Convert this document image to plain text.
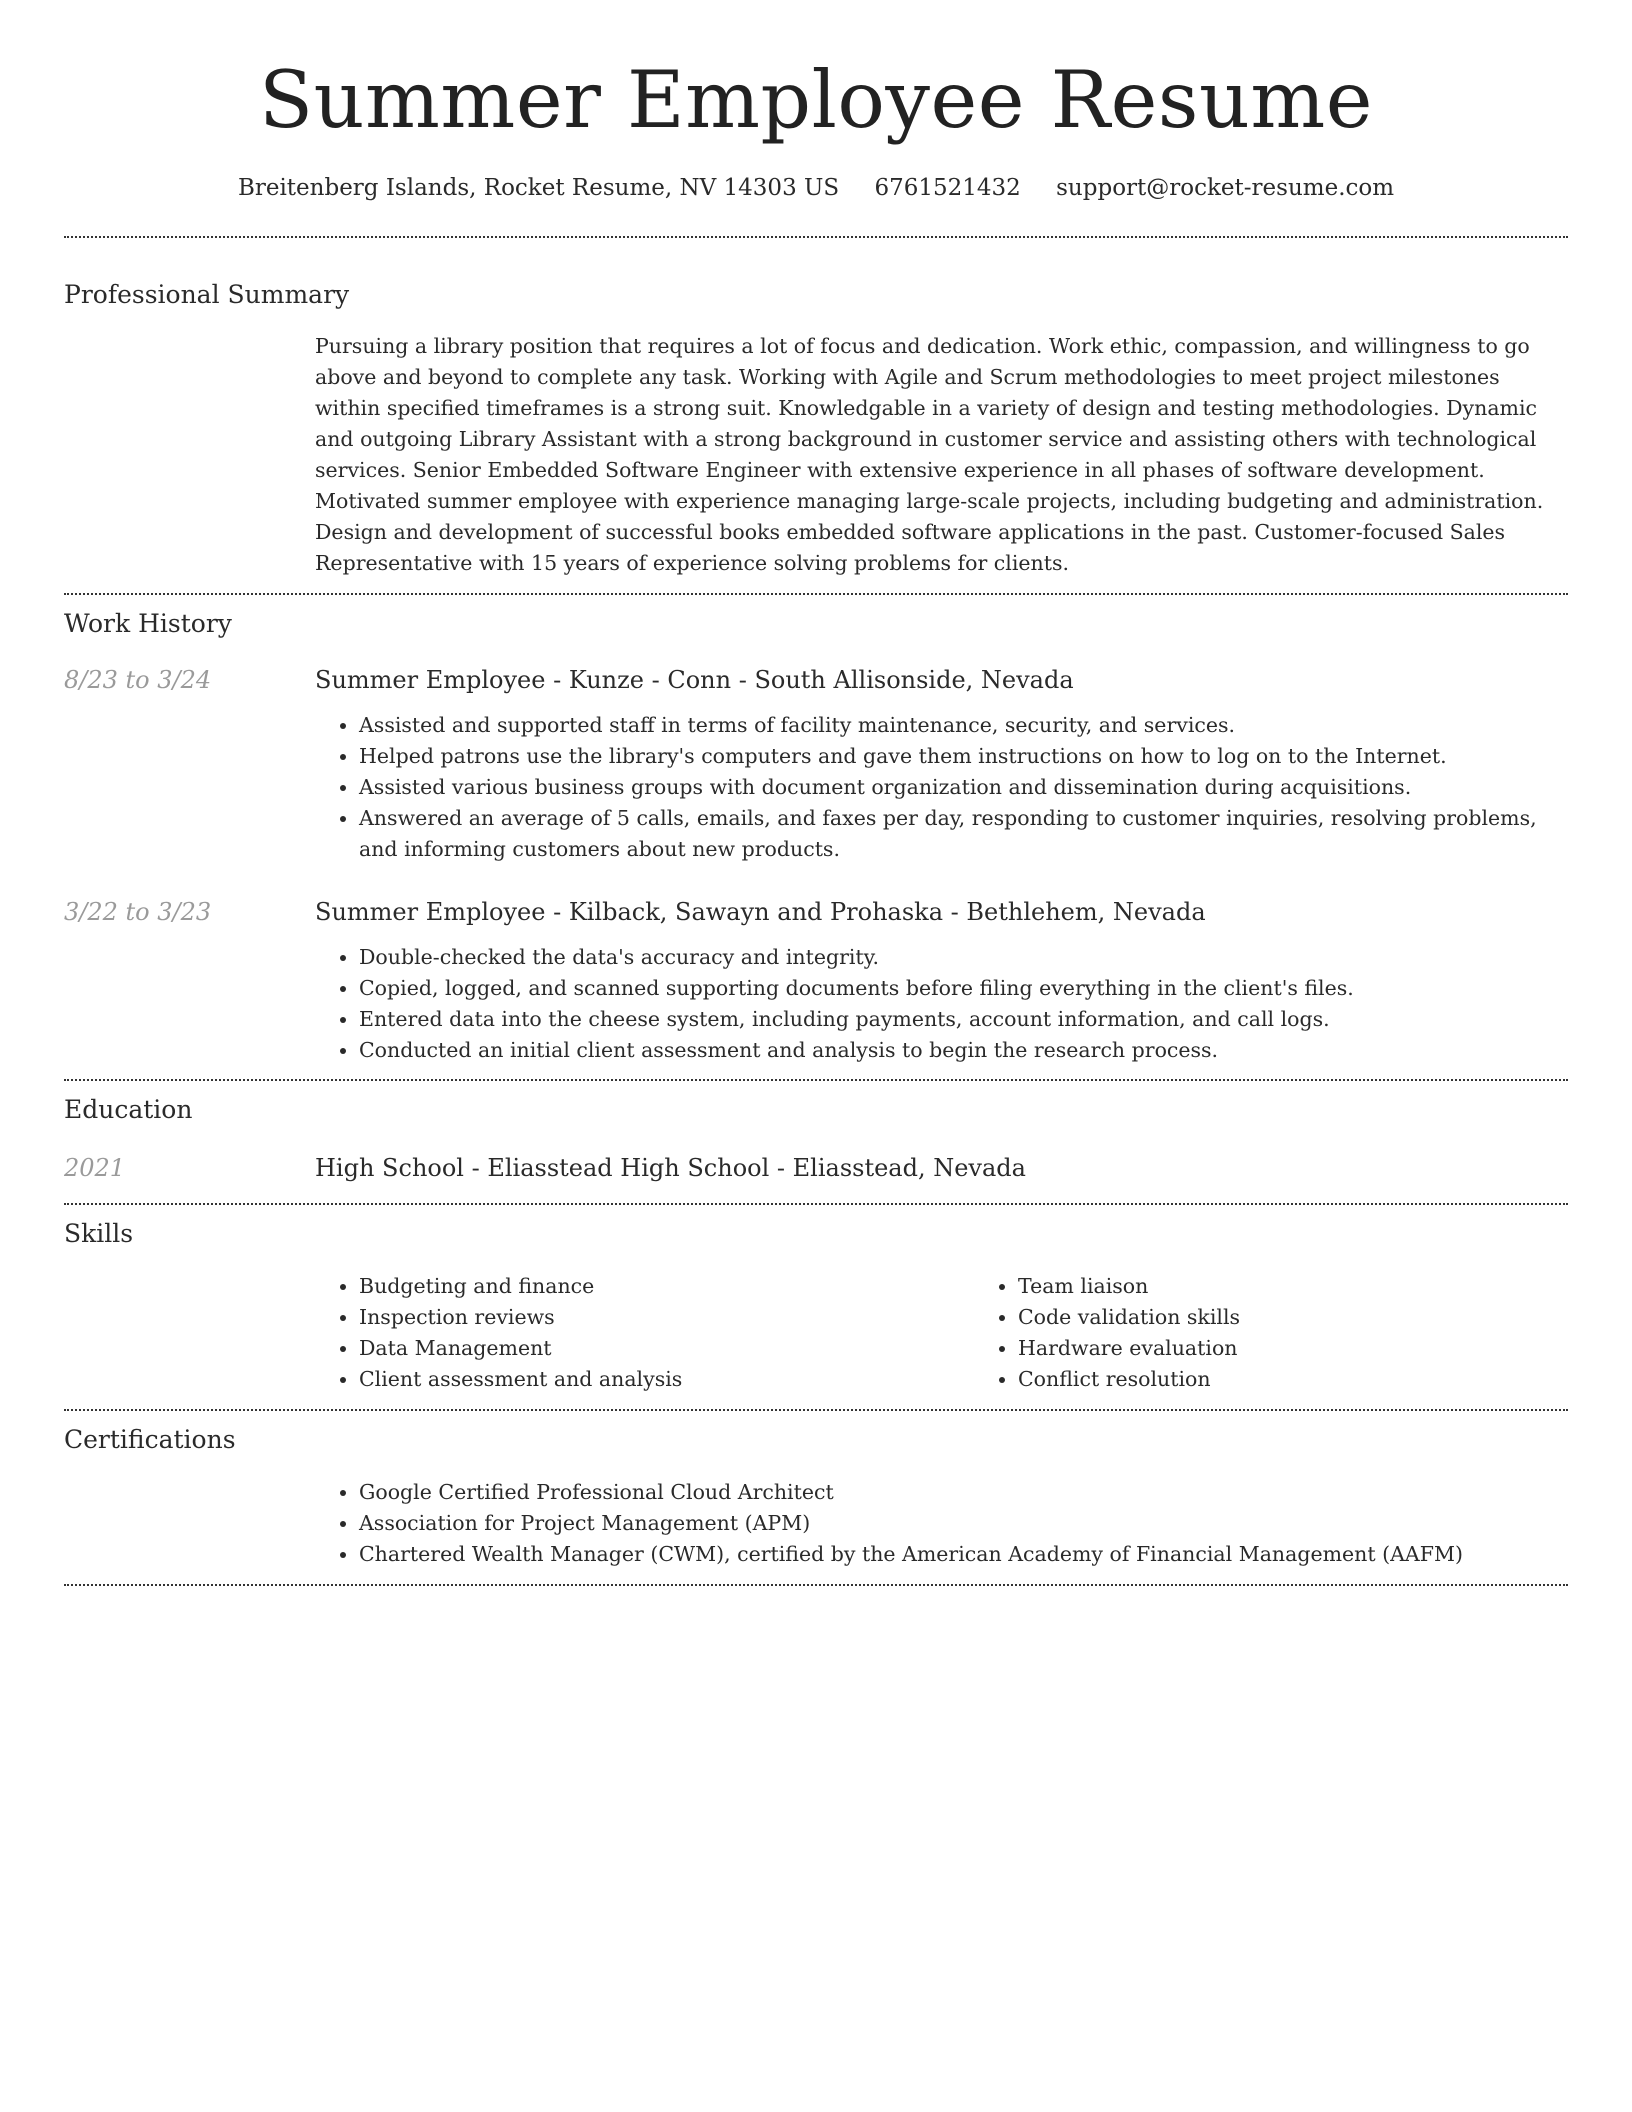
Summer Employee Resume
Breitenberg Islands, Rocket Resume, NV 14303 US 6761521432 support@rocket-resume.com
Professional Summary

Pursuing a library position that requires a lot of focus and dedication. Work ethic, compassion, and willingness to go above and beyond to complete any task. Working with Agile and Scrum methodologies to meet project milestones within specified timeframes is a strong suit. Knowledgable in a variety of design and testing methodologies. Dynamic and outgoing Library Assistant with a strong background in customer service and assisting others with technological services. Senior Embedded Software Engineer with extensive experience in all phases of software development. Motivated summer employee with experience managing large-scale projects, including budgeting and administration. Design and development of successful books embedded software applications in the past. Customer-focused Sales Representative with 15 years of experience solving problems for clients.

Work History
8/23 to 3/24	Summer Employee - Kunze - Conn - South Allisonside, Nevada
• Assisted and supported staff in terms of facility maintenance, security, and services.
• Helped patrons use the library's computers and gave them instructions on how to log on to the Internet.
• Assisted various business groups with document organization and dissemination during acquisitions.
• Answered an average of 5 calls, emails, and faxes per day, responding to customer inquiries, resolving problems, and informing customers about new products.
3/22 to 3/23	Summer Employee - Kilback, Sawayn and Prohaska - Bethlehem, Nevada
• Double-checked the data's accuracy and integrity.
• Copied, logged, and scanned supporting documents before filing everything in the client's files.
• Entered data into the cheese system, including payments, account information, and call logs.
• Conducted an initial client assessment and analysis to begin the research process.
Education
2021	High School - Eliasstead High School - Eliasstead, Nevada
Skills
• Budgeting and finance
• Inspection reviews
• Data Management
• Client assessment and analysis
• Team liaison
• Code validation skills
• Hardware evaluation
• Conflict resolution
Certifications
• Google Certified Professional Cloud Architect
• Association for Project Management (APM)
• Chartered Wealth Manager (CWM), certified by the American Academy of Financial Management (AAFM)
